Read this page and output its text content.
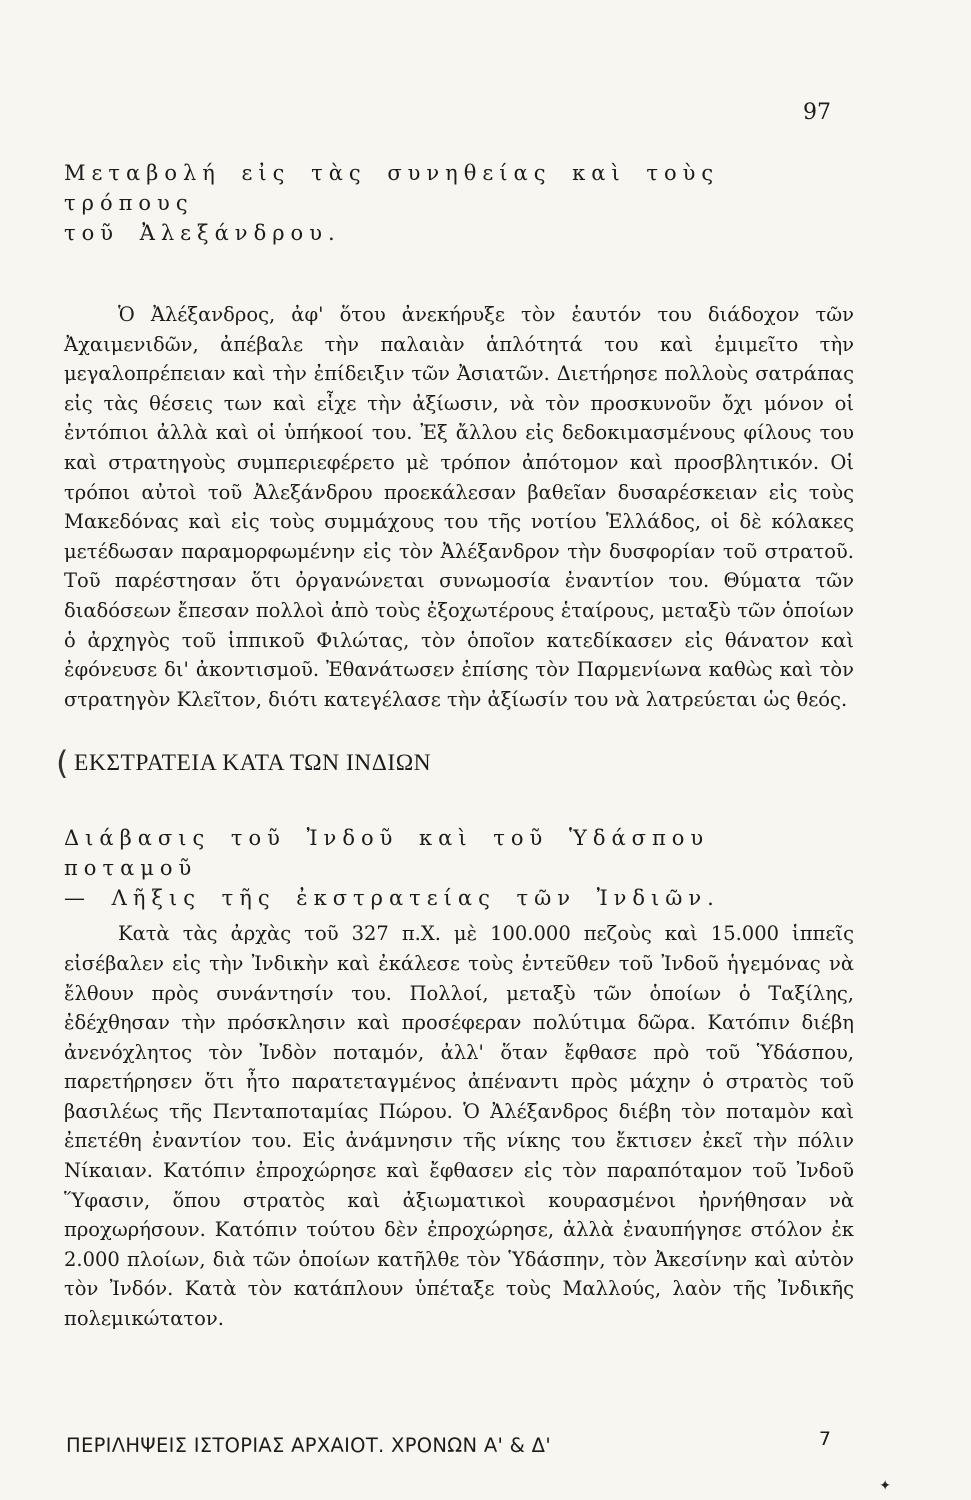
97

Μεταβολή εἰς τὰς συνηθείας καὶ τοὺς τρόπους

τοῦ Ἀλεξάνδρου.

Ὁ Ἀλέξανδρος, ἀφ' ὅτου ἀνεκήρυξε τὸν ἑαυτόν του διάδοχον τῶν Ἀχαιμενιδῶν, ἀπέβαλε τὴν παλαιὰν ἁπλότητά του καὶ ἐμιμεῖτο τὴν μεγαλοπρέπειαν καὶ τὴν ἐπίδειξιν τῶν Ἀσιατῶν. Διετήρησε πολλοὺς σατράπας εἰς τὰς θέσεις των καὶ εἶχε τὴν ἀξίωσιν, νὰ τὸν προσκυνοῦν ὄχι μόνον οἱ ἐντόπιοι ἀλλὰ καὶ οἱ ὑπήκοοί του. Ἐξ ἄλλου εἰς δεδοκιμασμένους φίλους του καὶ στρατηγοὺς συμπεριεφέρετο μὲ τρόπον ἀπότομον καὶ προσβλητικόν. Οἱ τρόποι αὐτοὶ τοῦ Ἀλεξάνδρου προεκάλεσαν βαθεῖαν δυσαρέσκειαν εἰς τοὺς Μακεδόνας καὶ εἰς τοὺς συμμάχους του τῆς νοτίου Ἑλλάδος, οἱ δὲ κόλακες μετέδωσαν παραμορφωμένην εἰς τὸν Ἀλέξανδρον τὴν δυσφορίαν τοῦ στρατοῦ. Τοῦ παρέστησαν ὅτι ὀργανώνεται συνωμοσία ἐναντίον του. Θύματα τῶν διαδόσεων ἔπεσαν πολλοὶ ἀπὸ τοὺς ἐξοχωτέρους ἑταίρους, μεταξὺ τῶν ὁποίων ὁ ἀρχηγὸς τοῦ ἱππικοῦ Φιλώτας, τὸν ὁποῖον κατεδίκασεν εἰς θάνατον καὶ ἐφόνευσε δι' ἀκοντισμοῦ. Ἐθανάτωσεν ἐπίσης τὸν Παρμενίωνα καθὼς καὶ τὸν στρατηγὸν Κλεῖτον, διότι κατεγέλασε τὴν ἀξίωσίν του νὰ λατρεύεται ὡς θεός.

( ΕΚΣΤΡΑΤΕΙΑ ΚΑΤΑ ΤΩΝ ΙΝΔΙΩΝ

Διάβασις τοῦ Ἰνδοῦ καὶ τοῦ Ὑδάσπου ποταμοῦ

— Λῆξις τῆς ἐκστρατείας τῶν Ἰνδιῶν.

Κατὰ τὰς ἀρχὰς τοῦ 327 π.Χ. μὲ 100.000 πεζοὺς καὶ 15.000 ἱππεῖς εἰσέβαλεν εἰς τὴν Ἰνδικὴν καὶ ἐκάλεσε τοὺς ἐντεῦθεν τοῦ Ἰνδοῦ ἡγεμόνας νὰ ἔλθουν πρὸς συνάντησίν του. Πολλοί, μεταξὺ τῶν ὁποίων ὁ Ταξίλης, ἐδέχθησαν τὴν πρόσκλησιν καὶ προσέφεραν πολύτιμα δῶρα. Κατόπιν διέβη ἀνενόχλητος τὸν Ἰνδὸν ποταμόν, ἀλλ' ὅταν ἔφθασε πρὸ τοῦ Ὑδάσπου, παρετήρησεν ὅτι ἦτο παρατεταγμένος ἀπέναντι πρὸς μάχην ὁ στρατὸς τοῦ βασιλέως τῆς Πενταποταμίας Πώρου. Ὁ Ἀλέξανδρος διέβη τὸν ποταμὸν καὶ ἐπετέθη ἐναντίον του. Εἰς ἀνάμνησιν τῆς νίκης του ἔκτισεν ἐκεῖ τὴν πόλιν Νίκαιαν. Κατόπιν ἐπροχώρησε καὶ ἔφθασεν εἰς τὸν παραπόταμον τοῦ Ἰνδοῦ Ὕφασιν, ὅπου στρατὸς καὶ ἀξιωματικοὶ κουρασμένοι ἠρνήθησαν νὰ προχωρήσουν. Κατόπιν τούτου δὲν ἐπροχώρησε, ἀλλὰ ἐναυπήγησε στόλον ἐκ 2.000 πλοίων, διὰ τῶν ὁποίων κατῆλθε τὸν Ὑδάσπην, τὸν Ἀκεσίνην καὶ αὐτὸν τὸν Ἰνδόν. Κατὰ τὸν κατάπλουν ὑπέταξε τοὺς Μαλλούς, λαὸν τῆς Ἰνδικῆς πολεμικώτατον.

ΠΕΡΙΛΗΨΕΙΣ ΙΣΤΟΡΙΑΣ ΑΡΧΑΙΟΤ. ΧΡΟΝΩΝ Α' & Δ'	7
✦
